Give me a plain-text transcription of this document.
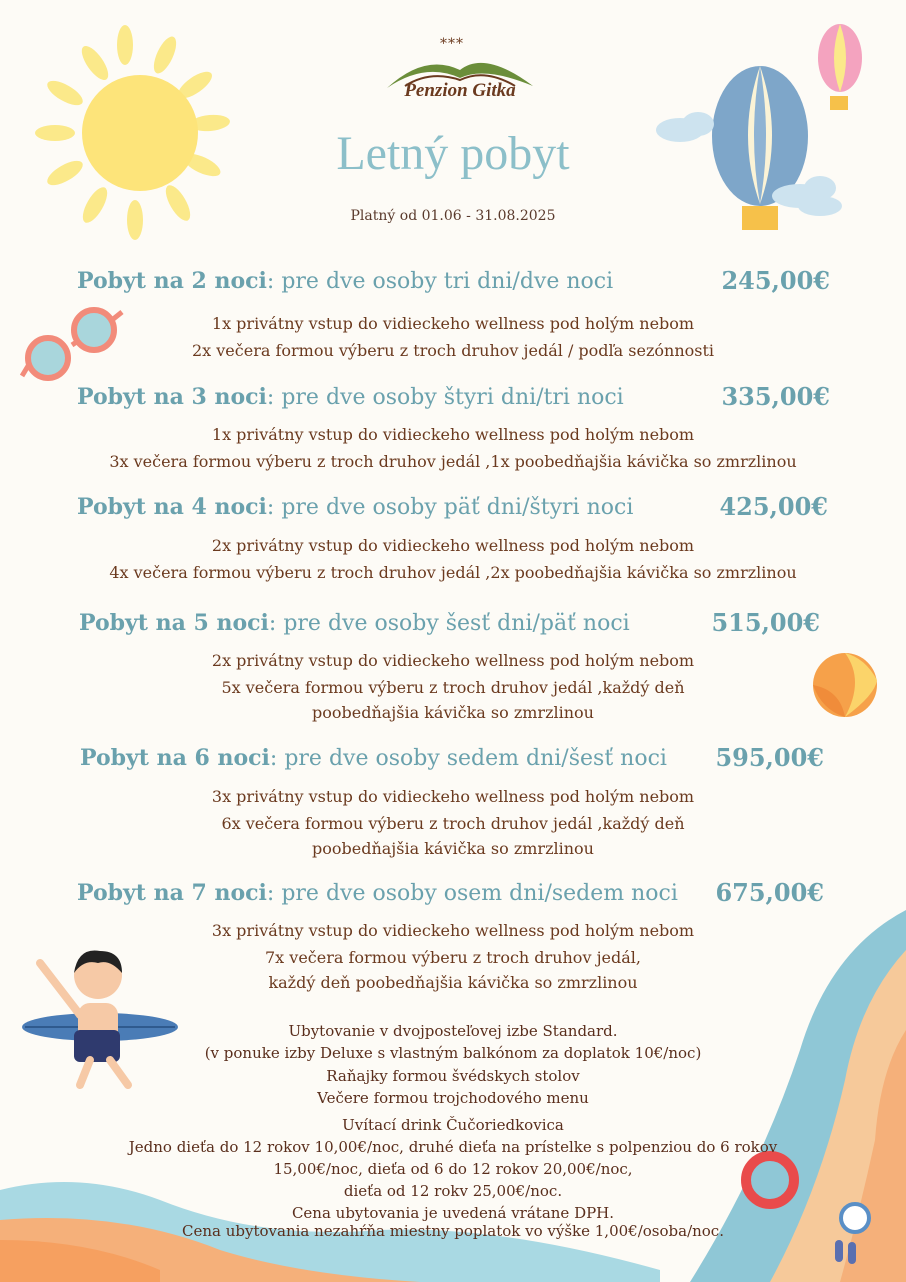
***
Penzion Gitka
Letný pobyt
Platný od 01.06 - 31.08.2025
Pobyt na 2 noci: pre dve osoby tri dni/dve noci	245,00€
1x privátny vstup do vidieckeho wellness pod holým nebom
2x večera formou výberu z troch druhov jedál / podľa sezónnosti
Pobyt na 3 noci: pre dve osoby štyri dni/tri noci	335,00€
1x privátny vstup do vidieckeho wellness pod holým nebom
3x večera formou výberu z troch druhov jedál ,1x poobedňajšia kávička so zmrzlinou
Pobyt na 4 noci: pre dve osoby päť dni/štyri noci	425,00€
2x privátny vstup do vidieckeho wellness pod holým nebom
4x večera formou výberu z troch druhov jedál ,2x poobedňajšia kávička so zmrzlinou
Pobyt na 5 noci: pre dve osoby šesť dni/päť noci	515,00€
2x privátny vstup do vidieckeho wellness pod holým nebom
5x večera formou výberu z troch druhov jedál ,každý deň
poobedňajšia kávička so zmrzlinou
Pobyt na 6 noci: pre dve osoby sedem dni/šesť noci	595,00€
3x privátny vstup do vidieckeho wellness pod holým nebom
6x večera formou výberu z troch druhov jedál ,každý deň
poobedňajšia kávička so zmrzlinou
Pobyt na 7 noci: pre dve osoby osem dni/sedem noci	675,00€
3x privátny vstup do vidieckeho wellness pod holým nebom
7x večera formou výberu z troch druhov jedál,
každý deň poobedňajšia kávička so zmrzlinou
Ubytovanie v dvojposteľovej izbe Standard.
(v ponuke izby Deluxe s vlastným balkónom za doplatok 10€/noc)
Raňajky formou švédskych stolov
Večere formou trojchodového menu
Uvítací drink Čučoriedkovica
Jedno dieťa do 12 rokov 10,00€/noc, druhé dieťa na prístelke s polpenziou do 6 rokov
15,00€/noc, dieťa od 6 do 12 rokov 20,00€/noc,
dieťa od 12 rokv 25,00€/noc.
Cena ubytovania je uvedená vrátane DPH.
Cena ubytovania nezahŕňa miestny poplatok vo výške 1,00€/osoba/noc.
